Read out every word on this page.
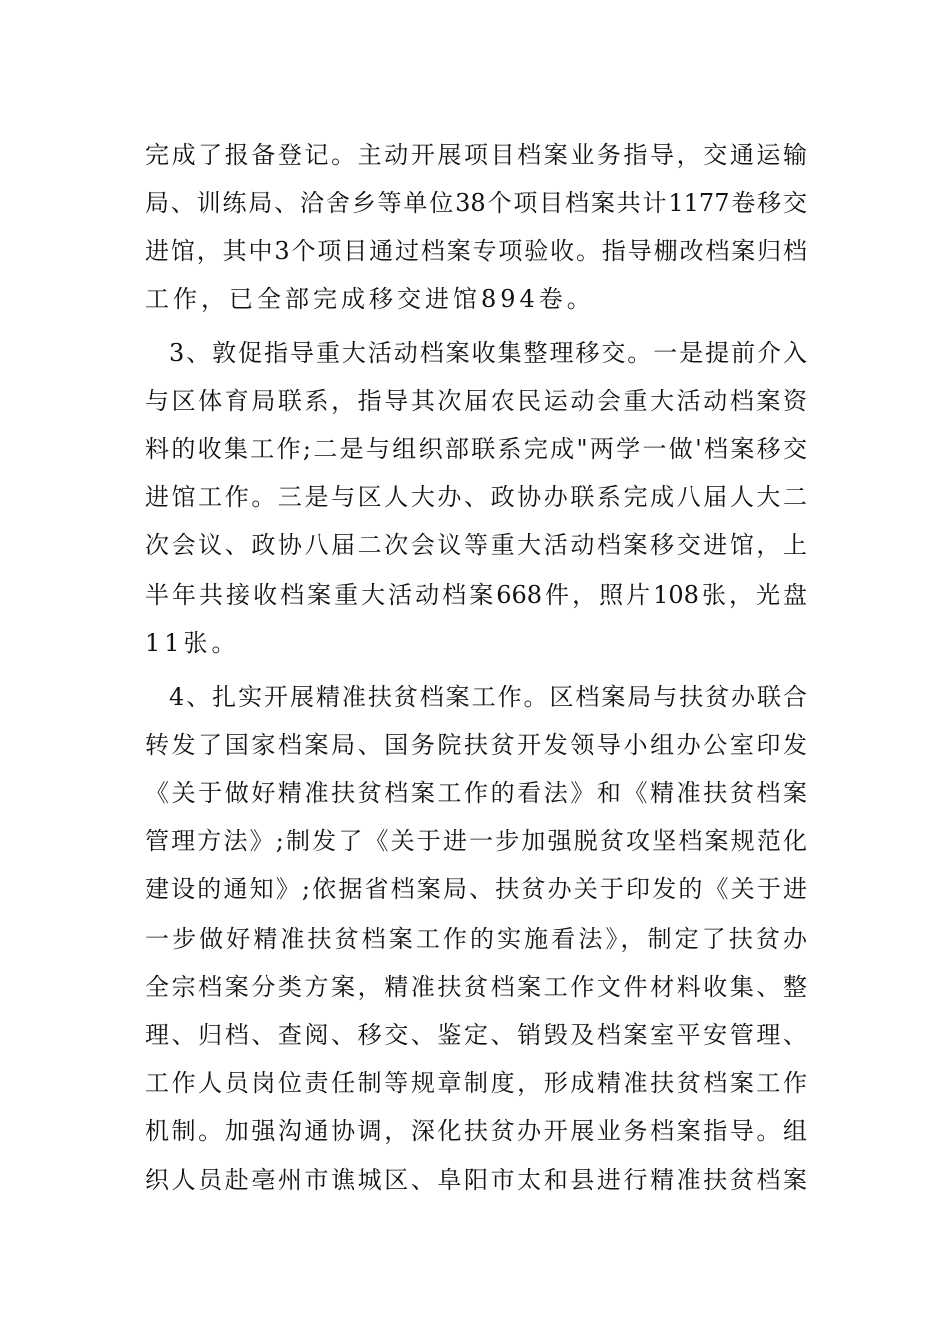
完成了报备登记。主动开展项目档案业务指导，交通运输
局、训练局、洽舍乡等单位38个项目档案共计1177卷移交
进馆，其中3个项目通过档案专项验收。指导棚改档案归档
工作，已全部完成移交进馆894卷。
3、敦促指导重大活动档案收集整理移交。一是提前介入
与区体育局联系，指导其次届农民运动会重大活动档案资
料的收集工作;二是与组织部联系完成"两学一做'档案移交
进馆工作。三是与区人大办、政协办联系完成八届人大二
次会议、政协八届二次会议等重大活动档案移交进馆，上
半年共接收档案重大活动档案668件，照片108张，光盘
11张。
4、扎实开展精准扶贫档案工作。区档案局与扶贫办联合
转发了国家档案局、国务院扶贫开发领导小组办公室印发
《关于做好精准扶贫档案工作的看法》和《精准扶贫档案
管理方法》;制发了《关于进一步加强脱贫攻坚档案规范化
建设的通知》;依据省档案局、扶贫办关于印发的《关于进
一步做好精准扶贫档案工作的实施看法》，制定了扶贫办
全宗档案分类方案，精准扶贫档案工作文件材料收集、整
理、归档、查阅、移交、鉴定、销毁及档案室平安管理、
工作人员岗位责任制等规章制度，形成精准扶贫档案工作
机制。加强沟通协调，深化扶贫办开展业务档案指导。组
织人员赴亳州市谯城区、阜阳市太和县进行精准扶贫档案
